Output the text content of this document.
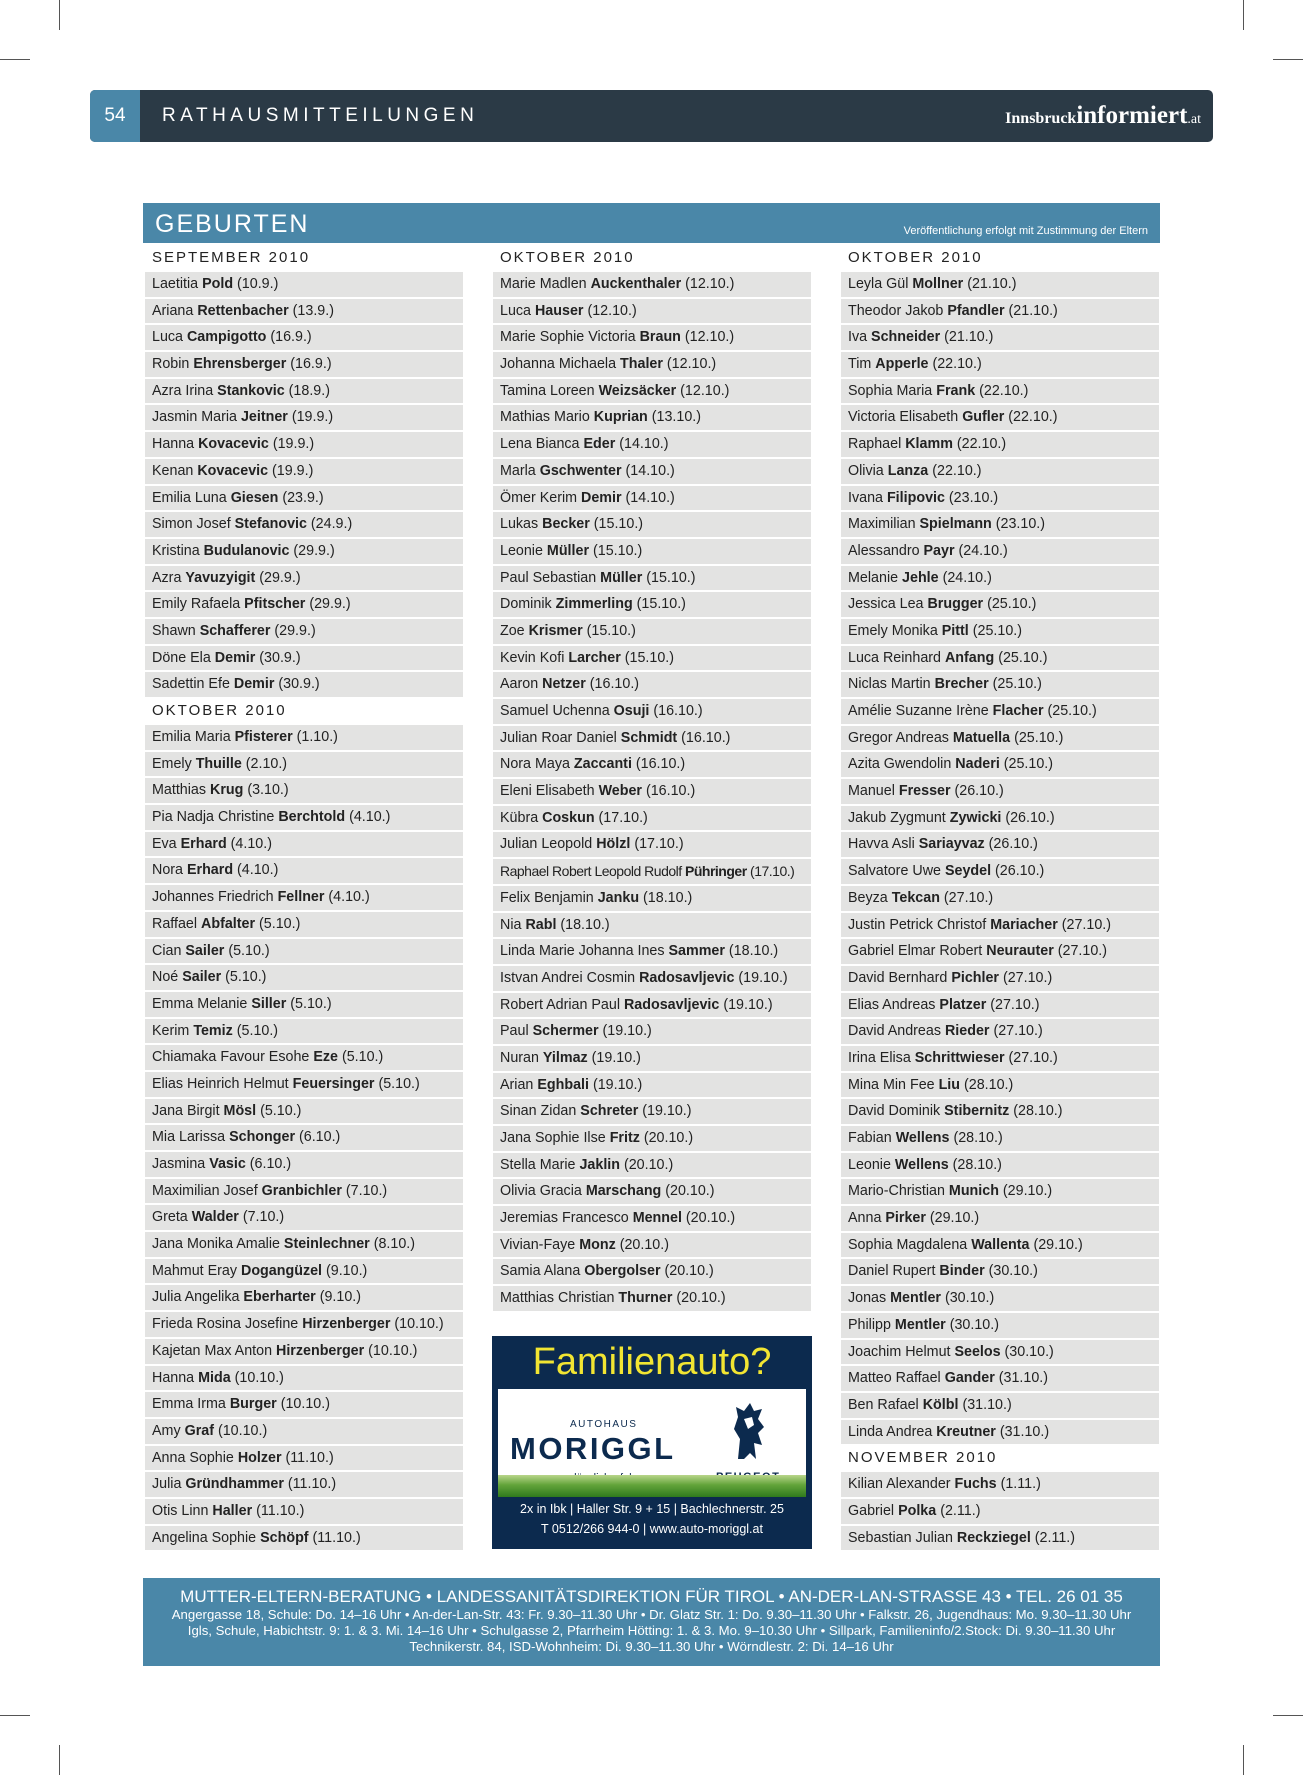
54	RATHAUSMITTEILUNGEN	Innsbruckinformiert.at
GEBURTEN	Veröffentlichung erfolgt mit Zustimmung der Eltern
SEPTEMBER 2010
Laetitia Pold (10.9.)
Ariana Rettenbacher (13.9.)
Luca Campigotto (16.9.)
Robin Ehrensberger (16.9.)
Azra Irina Stankovic (18.9.)
Jasmin Maria Jeitner (19.9.)
Hanna Kovacevic (19.9.)
Kenan Kovacevic (19.9.)
Emilia Luna Giesen (23.9.)
Simon Josef Stefanovic (24.9.)
Kristina Budulanovic (29.9.)
Azra Yavuzyigit (29.9.)
Emily Rafaela Pfitscher (29.9.)
Shawn Schafferer (29.9.)
Döne Ela Demir (30.9.)
Sadettin Efe Demir (30.9.)
OKTOBER 2010
Emilia Maria Pfisterer (1.10.)
Emely Thuille (2.10.)
Matthias Krug (3.10.)
Pia Nadja Christine Berchtold (4.10.)
Eva Erhard (4.10.)
Nora Erhard (4.10.)
Johannes Friedrich Fellner (4.10.)
Raffael Abfalter (5.10.)
Cian Sailer (5.10.)
Noé Sailer (5.10.)
Emma Melanie Siller (5.10.)
Kerim Temiz (5.10.)
Chiamaka Favour Esohe Eze (5.10.)
Elias Heinrich Helmut Feuersinger (5.10.)
Jana Birgit Mösl (5.10.)
Mia Larissa Schonger (6.10.)
Jasmina Vasic (6.10.)
Maximilian Josef Granbichler (7.10.)
Greta Walder (7.10.)
Jana Monika Amalie Steinlechner (8.10.)
Mahmut Eray Dogangüzel (9.10.)
Julia Angelika Eberharter (9.10.)
Frieda Rosina Josefine Hirzenberger (10.10.)
Kajetan Max Anton Hirzenberger (10.10.)
Hanna Mida (10.10.)
Emma Irma Burger (10.10.)
Amy Graf (10.10.)
Anna Sophie Holzer (11.10.)
Julia Gründhammer (11.10.)
Otis Linn Haller (11.10.)
Angelina Sophie Schöpf (11.10.)
OKTOBER 2010
Marie Madlen Auckenthaler (12.10.)
Luca Hauser (12.10.)
Marie Sophie Victoria Braun (12.10.)
Johanna Michaela Thaler (12.10.)
Tamina Loreen Weizsäcker (12.10.)
Mathias Mario Kuprian (13.10.)
Lena Bianca Eder (14.10.)
Marla Gschwenter (14.10.)
Ömer Kerim Demir (14.10.)
Lukas Becker (15.10.)
Leonie Müller (15.10.)
Paul Sebastian Müller (15.10.)
Dominik Zimmerling (15.10.)
Zoe Krismer (15.10.)
Kevin Kofi Larcher (15.10.)
Aaron Netzer (16.10.)
Samuel Uchenna Osuji (16.10.)
Julian Roar Daniel Schmidt (16.10.)
Nora Maya Zaccanti (16.10.)
Eleni Elisabeth Weber (16.10.)
Kübra Coskun (17.10.)
Julian Leopold Hölzl (17.10.)
Raphael Robert Leopold Rudolf Pühringer (17.10.)
Felix Benjamin Janku (18.10.)
Nia Rabl (18.10.)
Linda Marie Johanna Ines Sammer (18.10.)
Istvan Andrei Cosmin Radosavljevic (19.10.)
Robert Adrian Paul Radosavljevic (19.10.)
Paul Schermer (19.10.)
Nuran Yilmaz (19.10.)
Arian Eghbali (19.10.)
Sinan Zidan Schreter (19.10.)
Jana Sophie Ilse Fritz (20.10.)
Stella Marie Jaklin (20.10.)
Olivia Gracia Marschang (20.10.)
Jeremias Francesco Mennel (20.10.)
Vivian-Faye Monz (20.10.)
Samia Alana Obergolser (20.10.)
Matthias Christian Thurner (20.10.)
OKTOBER 2010
Leyla Gül Mollner (21.10.)
Theodor Jakob Pfandler (21.10.)
Iva Schneider (21.10.)
Tim Apperle (22.10.)
Sophia Maria Frank (22.10.)
Victoria Elisabeth Gufler (22.10.)
Raphael Klamm (22.10.)
Olivia Lanza (22.10.)
Ivana Filipovic (23.10.)
Maximilian Spielmann (23.10.)
Alessandro Payr (24.10.)
Melanie Jehle (24.10.)
Jessica Lea Brugger (25.10.)
Emely Monika Pittl (25.10.)
Luca Reinhard Anfang (25.10.)
Niclas Martin Brecher (25.10.)
Amélie Suzanne Irène Flacher (25.10.)
Gregor Andreas Matuella (25.10.)
Azita Gwendolin Naderi (25.10.)
Manuel Fresser (26.10.)
Jakub Zygmunt Zywicki (26.10.)
Havva Asli Sariayvaz (26.10.)
Salvatore Uwe Seydel (26.10.)
Beyza Tekcan (27.10.)
Justin Petrick Christof Mariacher (27.10.)
Gabriel Elmar Robert Neurauter (27.10.)
David Bernhard Pichler (27.10.)
Elias Andreas Platzer (27.10.)
David Andreas Rieder (27.10.)
Irina Elisa Schrittwieser (27.10.)
Mina Min Fee Liu (28.10.)
David Dominik Stibernitz (28.10.)
Fabian Wellens (28.10.)
Leonie Wellens (28.10.)
Mario-Christian Munich (29.10.)
Anna Pirker (29.10.)
Sophia Magdalena Wallenta (29.10.)
Daniel Rupert Binder (30.10.)
Jonas Mentler (30.10.)
Philipp Mentler (30.10.)
Joachim Helmut Seelos (30.10.)
Matteo Raffael Gander (31.10.)
Ben Rafael Kölbl (31.10.)
Linda Andrea Kreutner (31.10.)
NOVEMBER 2010
Kilian Alexander Fuchs (1.11.)
Gabriel Polka (2.11.)
Sebastian Julian Reckziegel (2.11.)
Familienauto?
AUTOHAUS
MORIGGL

2x in Ibk | Haller Str. 9 + 15 | Bachlechnerstr. 25
T 0512/266 944-0 | www.auto-moriggl.at
MUTTER-ELTERN-BERATUNG • LANDESSANITÄTSDIREKTION FÜR TIROL • AN-DER-LAN-STRASSE 43 • TEL. 26 01 35
Angergasse 18, Schule: Do. 14–16 Uhr • An-der-Lan-Str. 43: Fr. 9.30–11.30 Uhr • Dr. Glatz Str. 1: Do. 9.30–11.30 Uhr • Falkstr. 26, Jugendhaus: Mo. 9.30–11.30 Uhr
Igls, Schule, Habichtstr. 9: 1. & 3. Mi. 14–16 Uhr • Schulgasse 2, Pfarrheim Hötting: 1. & 3. Mo. 9–10.30 Uhr • Sillpark, Familieninfo/2.Stock: Di. 9.30–11.30 Uhr
Technikerstr. 84, ISD-Wohnheim: Di. 9.30–11.30 Uhr • Wörndlestr. 2: Di. 14–16 Uhr
